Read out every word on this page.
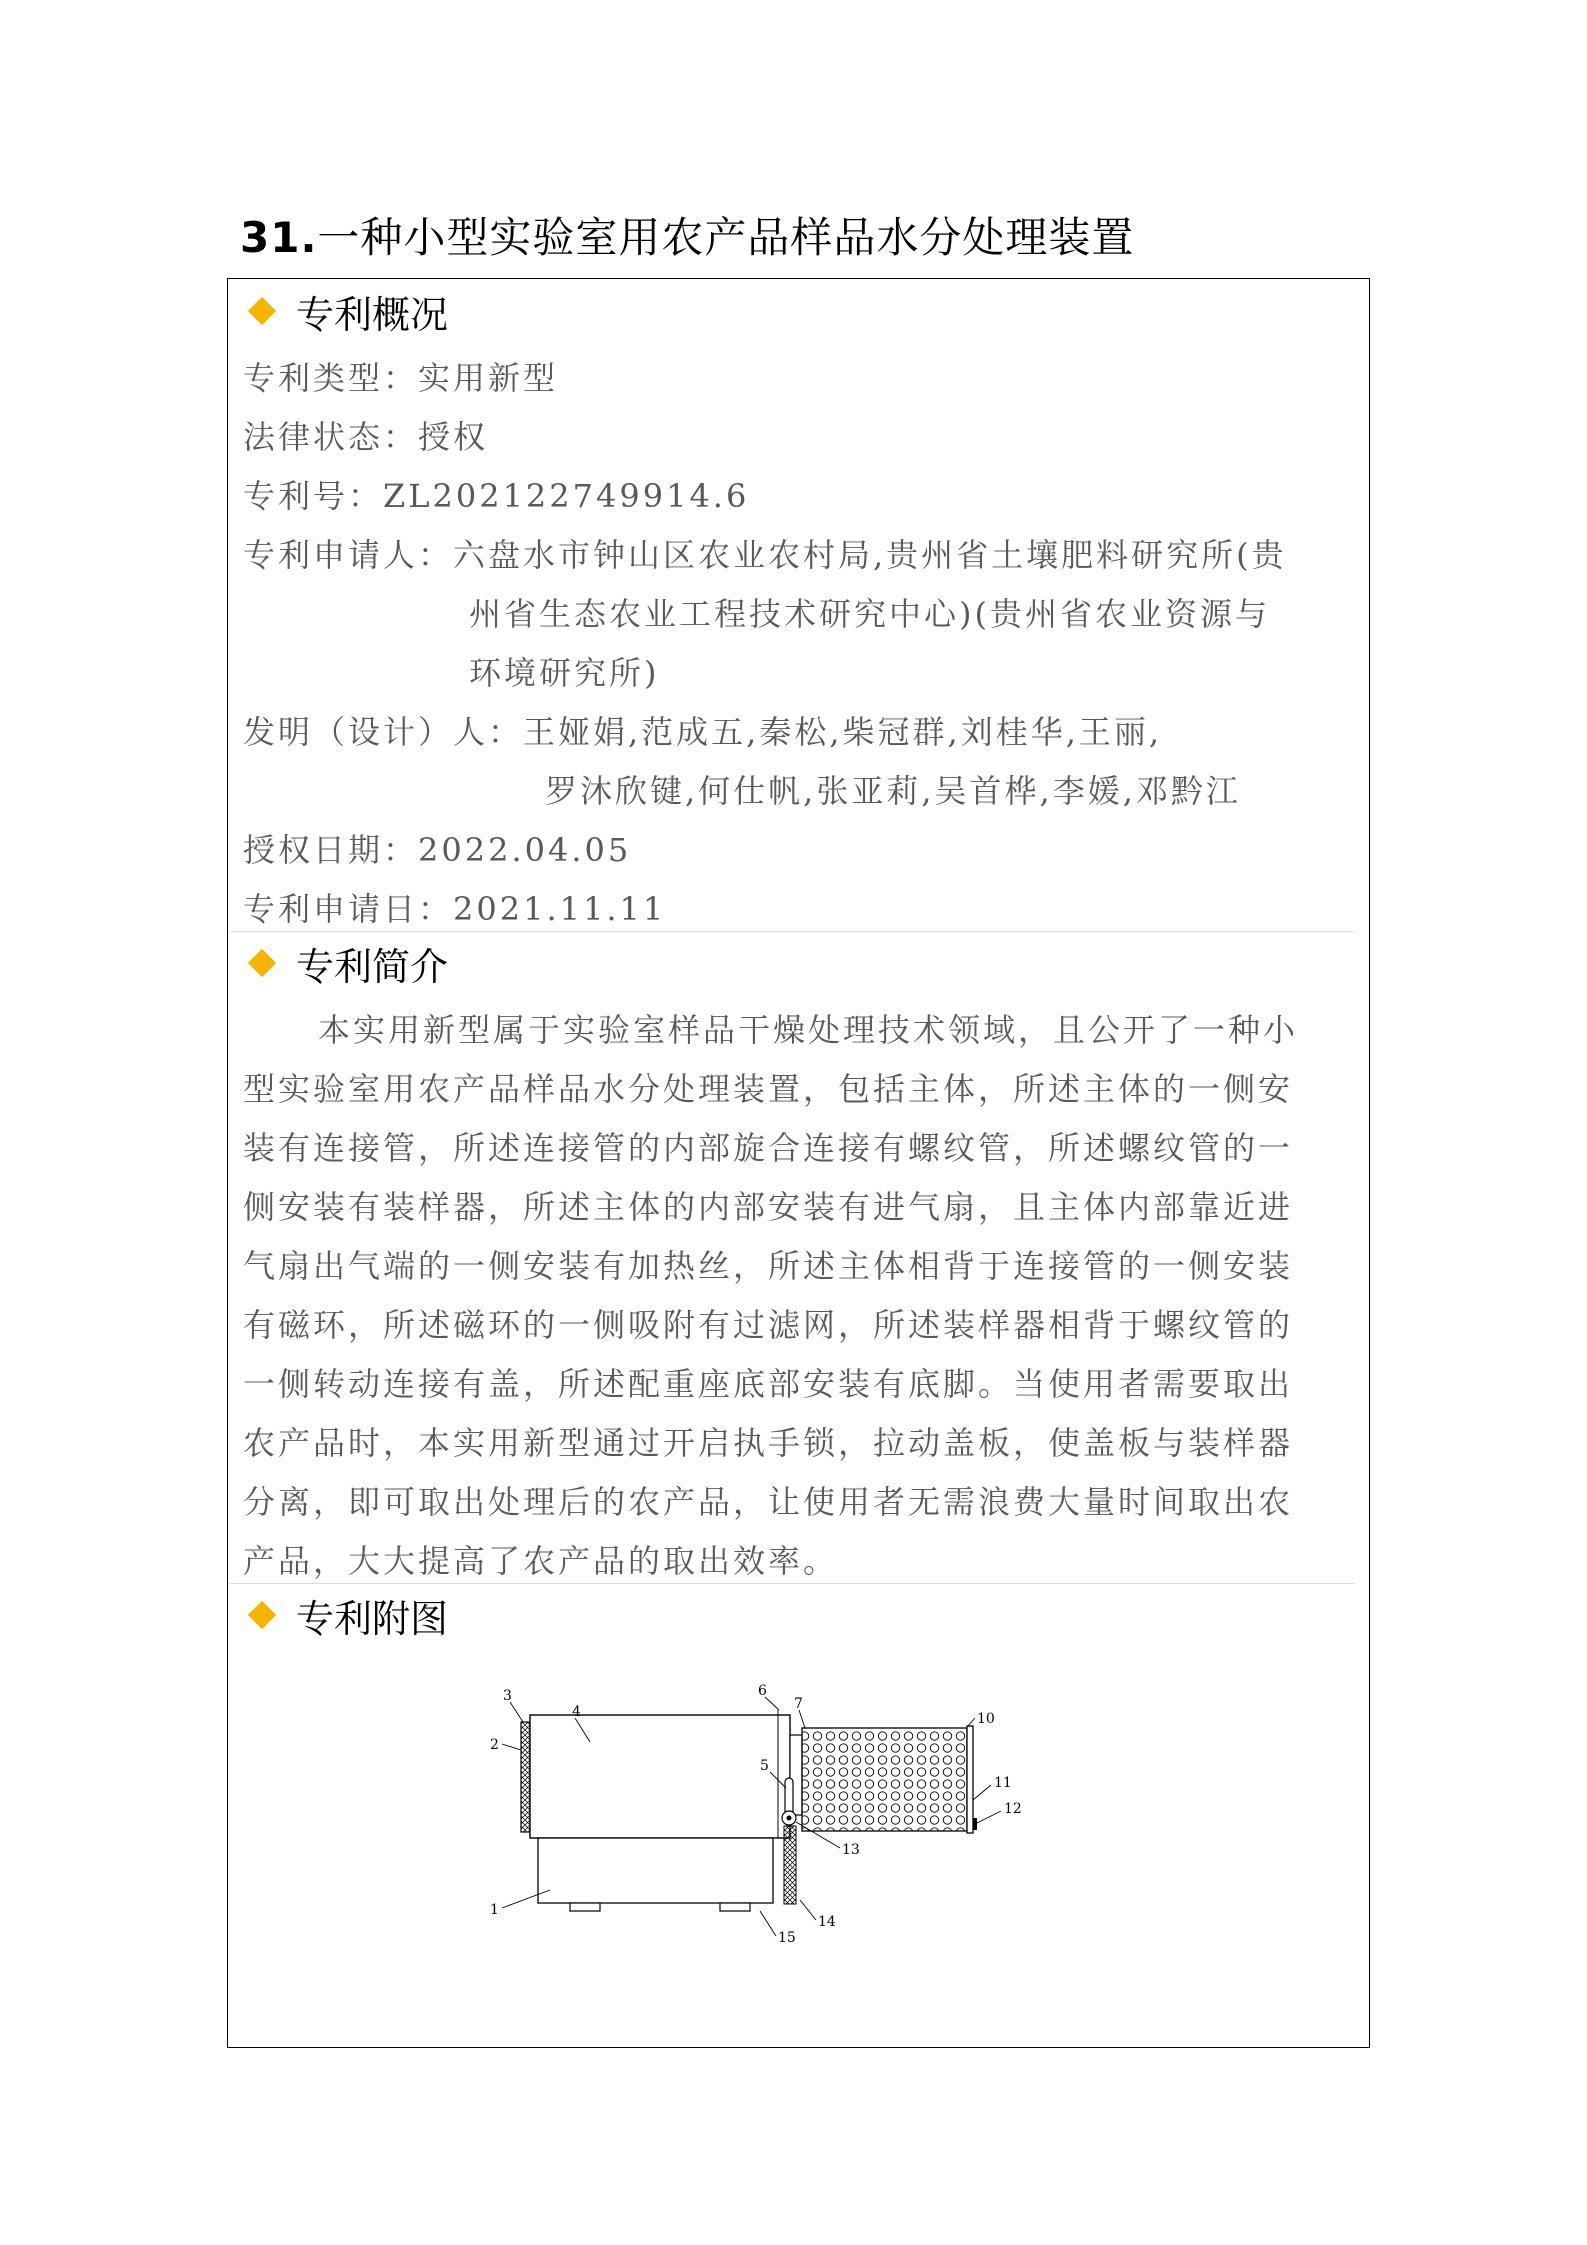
31.一种小型实验室用农产品样品水分处理装置
专利概况
专利类型：实用新型
法律状态：授权
专利号：ZL202122749914.6
专利申请人：六盘水市钟山区农业农村局,贵州省土壤肥料研究所(贵
州省生态农业工程技术研究中心)(贵州省农业资源与
环境研究所)
发明（设计）人：王娅娟,范成五,秦松,柴冠群,刘桂华,王丽,
罗沐欣键,何仕帆,张亚莉,吴首桦,李媛,邓黔江
授权日期：2022.04.05
专利申请日：2021.11.11
专利简介
本实用新型属于实验室样品干燥处理技术领域，且公开了一种小
型实验室用农产品样品水分处理装置，包括主体，所述主体的一侧安
装有连接管，所述连接管的内部旋合连接有螺纹管，所述螺纹管的一
侧安装有装样器，所述主体的内部安装有进气扇，且主体内部靠近进
气扇出气端的一侧安装有加热丝，所述主体相背于连接管的一侧安装
有磁环，所述磁环的一侧吸附有过滤网，所述装样器相背于螺纹管的
一侧转动连接有盖，所述配重座底部安装有底脚。当使用者需要取出
农产品时，本实用新型通过开启执手锁，拉动盖板，使盖板与装样器
分离，即可取出处理后的农产品，让使用者无需浪费大量时间取出农
产品，大大提高了农产品的取出效率。
专利附图
3
2
4
6
7
5
10
11
12
13
14
15
1
